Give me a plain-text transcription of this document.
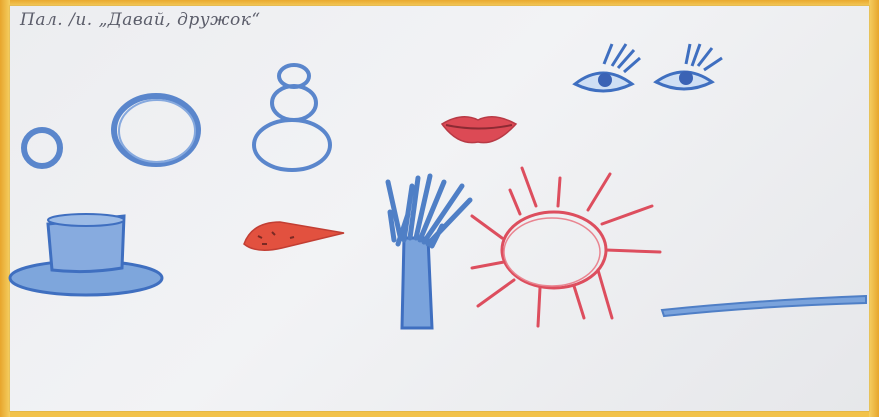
Пал. /и. „Давай, дружок“
